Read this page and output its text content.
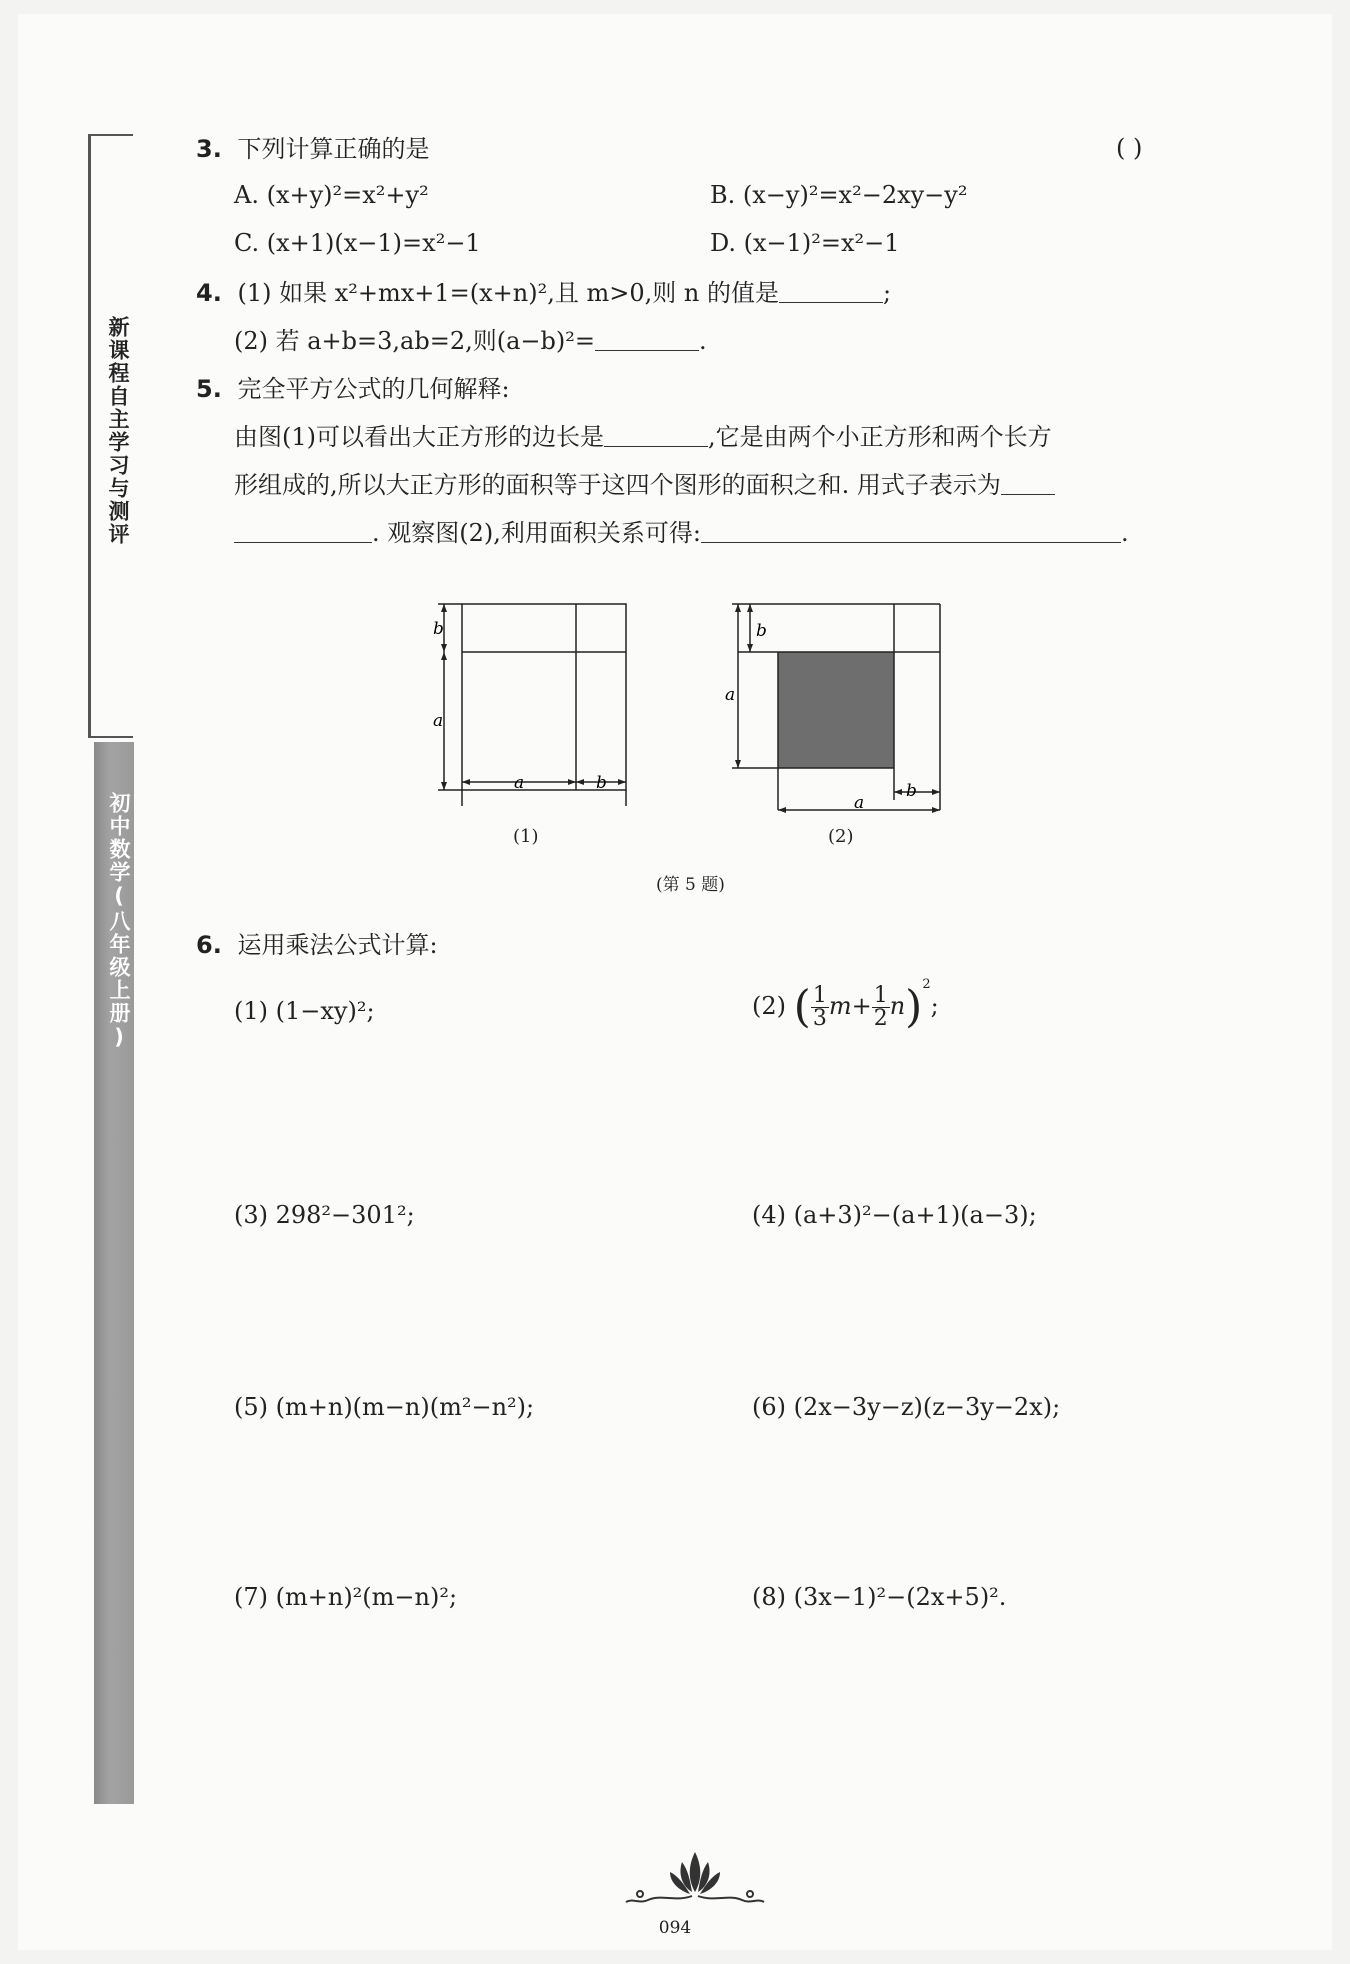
新课程自主学习与测评
初中数学(八年级上册)
3. 下列计算正确的是	( )
A. (x+y)²=x²+y²	B. (x−y)²=x²−2xy−y²
C. (x+1)(x−1)=x²−1	D. (x−1)²=x²−1
4. (1) 如果 x²+mx+1=(x+n)²,且 m>0,则 n 的值是	;
(2) 若 a+b=3,ab=2,则(a−b)²=	.
5. 完全平方公式的几何解释:
由图(1)可以看出大正方形的边长是	,它是由两个小正方形和两个长方
形组成的,所以大正方形的面积等于这四个图形的面积之和. 用式子表示为
. 观察图(2),利用面积关系可得:	.
b
a
a	b
(1)
b
a
b
a
(2)
(第 5 题)
6. 运用乘法公式计算:
(1) (1−xy)²;	(2) ( $\frac{1}{3} m+ \frac{1}{2} n)^2$;
(3) 298²−301²;	(4) (a+3)²−(a+1)(a−3);
(5) (m+n)(m−n)(m²−n²);	(6) (2x−3y−z)(z−3y−2x);
(7) (m+n)²(m−n)²;	(8) (3x−1)²−(2x+5)².
094
